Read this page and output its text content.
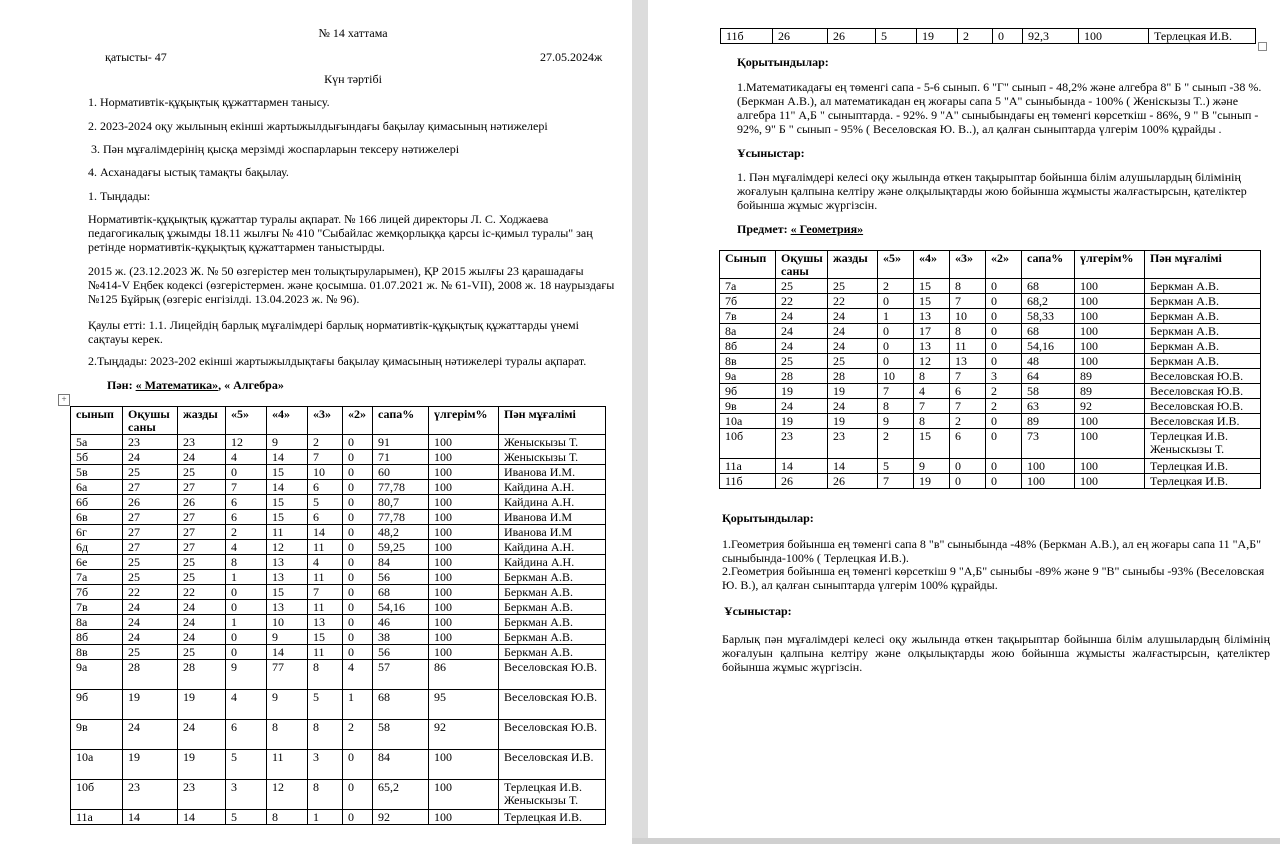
№ 14 хаттама

қатысты- 47	27.05.2024ж

Күн тәртібі

1. Нормативтік-құқықтық құжаттармен танысу.

2. 2023-2024 оқу жылының екінші жартыжылдығындағы бақылау қимасының нәтижелері

3. Пән мұғалімдерінің қысқа мерзімді жоспарларын тексеру нәтижелері

4. Асханадағы ыстық тамақты бақылау.

1. Тыңдады:

Нормативтік-құқықтық құжаттар туралы ақпарат. № 166 лицей директоры Л. С. Ходжаева педагогикалық ұжымды 18.11 жылғы № 410 "Сыбайлас жемқорлыққа қарсы іс-қимыл туралы" заң ретінде нормативтік-құқықтық құжаттармен таныстырды.

2015 ж. (23.12.2023 Ж. № 50 өзгерістер мен толықтыруларымен), ҚР 2015 жылғы 23 қарашадағы №414-V Еңбек кодексі (өзгерістермен. және қосымша. 01.07.2021 ж. № 61-VII), 2008 ж. 18 наурыздағы №125 Бұйрық (өзгеріс енгізілді. 13.04.2023 ж. № 96).

Қаулы етті: 1.1. Лицейдің барлық мұғалімдері барлық нормативтік-құқықтық құжаттарды үнемі сақтауы керек.

2.Тыңдады: 2023-202 екінші жартыжылдықтағы бақылау қимасының нәтижелері туралы ақпарат.

Пән: « Математика», « Алгебра»

+
сынып	Оқушы саны	жазды	«5»	«4»	«3»	«2»	сапа%	үлгерім%	Пән мұғалімі
5а	23	23	12	9	2	0	91	100	Женыскызы Т.
5б	24	24	4	14	7	0	71	100	Женыскызы Т.
5в	25	25	0	15	10	0	60	100	Иванова И.М.
6а	27	27	7	14	6	0	77,78	100	Кайдина А.Н.
6б	26	26	6	15	5	0	80,7	100	Кайдина А.Н.
6в	27	27	6	15	6	0	77,78	100	Иванова И.М
6г	27	27	2	11	14	0	48,2	100	Иванова И.М
6д	27	27	4	12	11	0	59,25	100	Кайдина А.Н.
6е	25	25	8	13	4	0	84	100	Кайдина А.Н.
7а	25	25	1	13	11	0	56	100	Беркман А.В.
7б	22	22	0	15	7	0	68	100	Беркман А.В.
7в	24	24	0	13	11	0	54,16	100	Беркман А.В.
8а	24	24	1	10	13	0	46	100	Беркман А.В.
8б	24	24	0	9	15	0	38	100	Беркман А.В.
8в	25	25	0	14	11	0	56	100	Беркман А.В.
9а	28	28	9	77	8	4	57	86	Веселовская Ю.В.
9б	19	19	4	9	5	1	68	95	Веселовская Ю.В.
9в	24	24	6	8	8	2	58	92	Веселовская Ю.В.
10а	19	19	5	11	3	0	84	100	Веселовская И.В.
10б	23	23	3	12	8	0	65,2	100	Терлецкая И.В. Женыскызы Т.
11а	14	14	5	8	1	0	92	100	Терлецкая И.В.
11б	26	26	5	19	2	0	92,3	100	Терлецкая И.В.

Қорытындылар:

1.Математикадағы ең төменгі сапа - 5-6 сынып. 6 "Г" сынып - 48,2% және алгебра 8" Б " сынып -38 %. (Беркман А.В.), ал математикадан ең жоғары сапа 5 "А" сыныбында - 100% ( Женіскызы Т..) және алгебра 11" А,Б " сыныптарда. - 92%. 9 "А" сыныбындағы ең төменгі көрсеткіш - 86%, 9 " В "сынып - 92%, 9" Б " сынып - 95% ( Веселовская Ю. В..), ал қалған сыныптарда үлгерім 100% құрайды .

Ұсыныстар:

1. Пән мұғалімдері келесі оқу жылында өткен тақырыптар бойынша білім алушылардың білімінің жоғалуын қалпына келтіру және олқылықтарды жою бойынша жұмысты жалғастырсын, қателіктер бойынша жұмыс жүргізсін.

Предмет: « Геометрия»

Сынып	Оқушы саны	жазды	«5»	«4»	«3»	«2»	сапа%	үлгерім%	Пән мұғалімі
7а	25	25	2	15	8	0	68	100	Беркман А.В.
7б	22	22	0	15	7	0	68,2	100	Беркман А.В.
7в	24	24	1	13	10	0	58,33	100	Беркман А.В.
8а	24	24	0	17	8	0	68	100	Беркман А.В.
8б	24	24	0	13	11	0	54,16	100	Беркман А.В.
8в	25	25	0	12	13	0	48	100	Беркман А.В.
9а	28	28	10	8	7	3	64	89	Веселовская Ю.В.
9б	19	19	7	4	6	2	58	89	Веселовская Ю.В.
9в	24	24	8	7	7	2	63	92	Веселовская Ю.В.
10а	19	19	9	8	2	0	89	100	Веселовская И.В.
10б	23	23	2	15	6	0	73	100	Терлецкая И.В. Женыскызы Т.
11а	14	14	5	9	0	0	100	100	Терлецкая И.В.
11б	26	26	7	19	0	0	100	100	Терлецкая И.В.

Қорытындылар:

1.Геометрия бойынша ең төменгі сапа 8 "в" сыныбында -48% (Беркман А.В.), ал ең жоғары сапа 11 "А,Б" сыныбында-100% ( Терлецкая И.В.).

2.Геометрия бойынша ең төменгі көрсеткіш 9 "А,Б" сыныбы -89% және 9 "В" сыныбы -93% (Веселовская Ю. В.), ал қалған сыныптарда үлгерім 100% құрайды.

Ұсыныстар:

Барлық пән мұғалімдері келесі оқу жылында өткен тақырыптар бойынша білім алушылардың білімінің жоғалуын қалпына келтіру және олқылықтарды жою бойынша жұмысты жалғастырсын, қателіктер бойынша жұмыс жүргізсін.
